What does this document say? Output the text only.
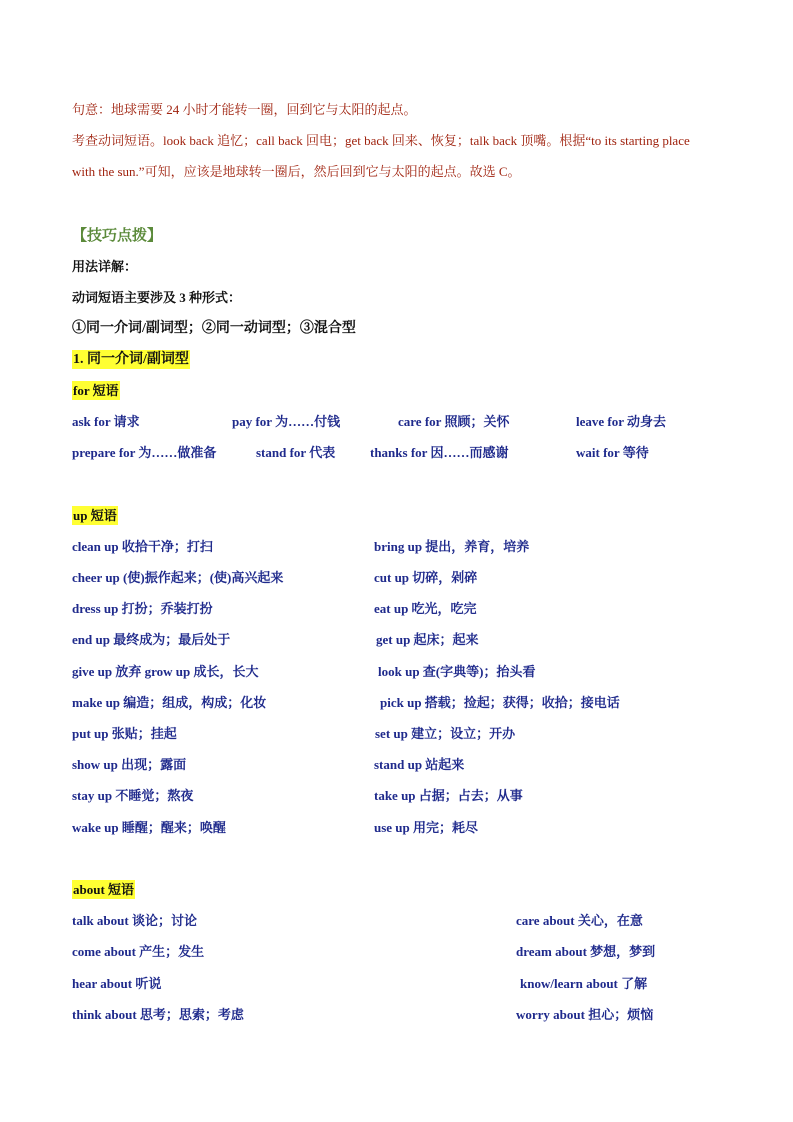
句意：地球需要 24 小时才能转一圈，回到它与太阳的起点。
考查动词短语。look back 追忆；call back 回电；get back 回来、恢复；talk back 顶嘴。根据“to its starting place
with the sun.”可知，应该是地球转一圈后，然后回到它与太阳的起点。故选 C。
【技巧点拨】
用法详解：
动词短语主要涉及 3 种形式：
①同一介词/副词型；②同一动词型；③混合型
1. 同一介词/副词型
for 短语
ask for 请求	pay for 为……付钱	care for 照顾；关怀	leave for 动身去
prepare for 为……做准备	stand for 代表	thanks for 因……而感谢	wait for 等待
up 短语
clean up 收拾干净；打扫	bring up 提出，养育，培养
cheer up (使)振作起来；(使)高兴起来	cut up 切碎，剁碎
dress up 打扮；乔装打扮	eat up 吃光，吃完
end up 最终成为；最后处于	get up 起床；起来
give up 放弃 grow up 成长，长大	look up 查(字典等)；抬头看
make up 编造；组成，构成；化妆	pick up 搭载；捡起；获得；收拾；接电话
put up 张贴；挂起	set up 建立；设立；开办
show up 出现；露面	stand up 站起来
stay up 不睡觉；熬夜	take up 占据；占去；从事
wake up 睡醒；醒来；唤醒	use up 用完；耗尽
about 短语
talk about 谈论；讨论	care about 关心，在意
come about 产生；发生	dream about 梦想，梦到
hear about 听说	know/learn about 了解
think about 思考；思索；考虑	worry about 担心；烦恼
